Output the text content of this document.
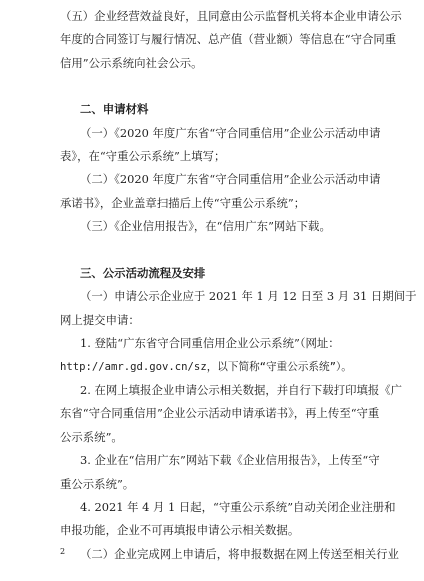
（五）企业经营效益良好，且同意由公示监督机关将本企业申请公示
年度的合同签订与履行情况、总产值（营业额）等信息在“守合同重
信用”公示系统向社会公示。
二、申请材料
（一）《2020 年度广东省“守合同重信用”企业公示活动申请
表》，在“守重公示系统”上填写；
（二）《2020 年度广东省“守合同重信用”企业公示活动申请
承诺书》，企业盖章扫描后上传“守重公示系统”；
（三）《企业信用报告》，在“信用广东”网站下载。
三、公示活动流程及安排
（一）申请公示企业应于 2021 年 1 月 12 日至 3 月 31 日期间于
网上提交申请：
1. 登陆“广东省守合同重信用企业公示系统”（网址：
http://amr.gd.gov.cn/sz，以下简称“守重公示系统”）。
2. 在网上填报企业申请公示相关数据，并自行下载打印填报《广
东省“守合同重信用”企业公示活动申请承诺书》，再上传至“守重
公示系统”。
3. 企业在“信用广东”网站下载《企业信用报告》，上传至“守
重公示系统”。
4. 2021 年 4 月 1 日起，“守重公示系统”自动关闭企业注册和
申报功能，企业不可再填报申请公示相关数据。
（二）企业完成网上申请后，将申报数据在网上传送至相关行业
2
